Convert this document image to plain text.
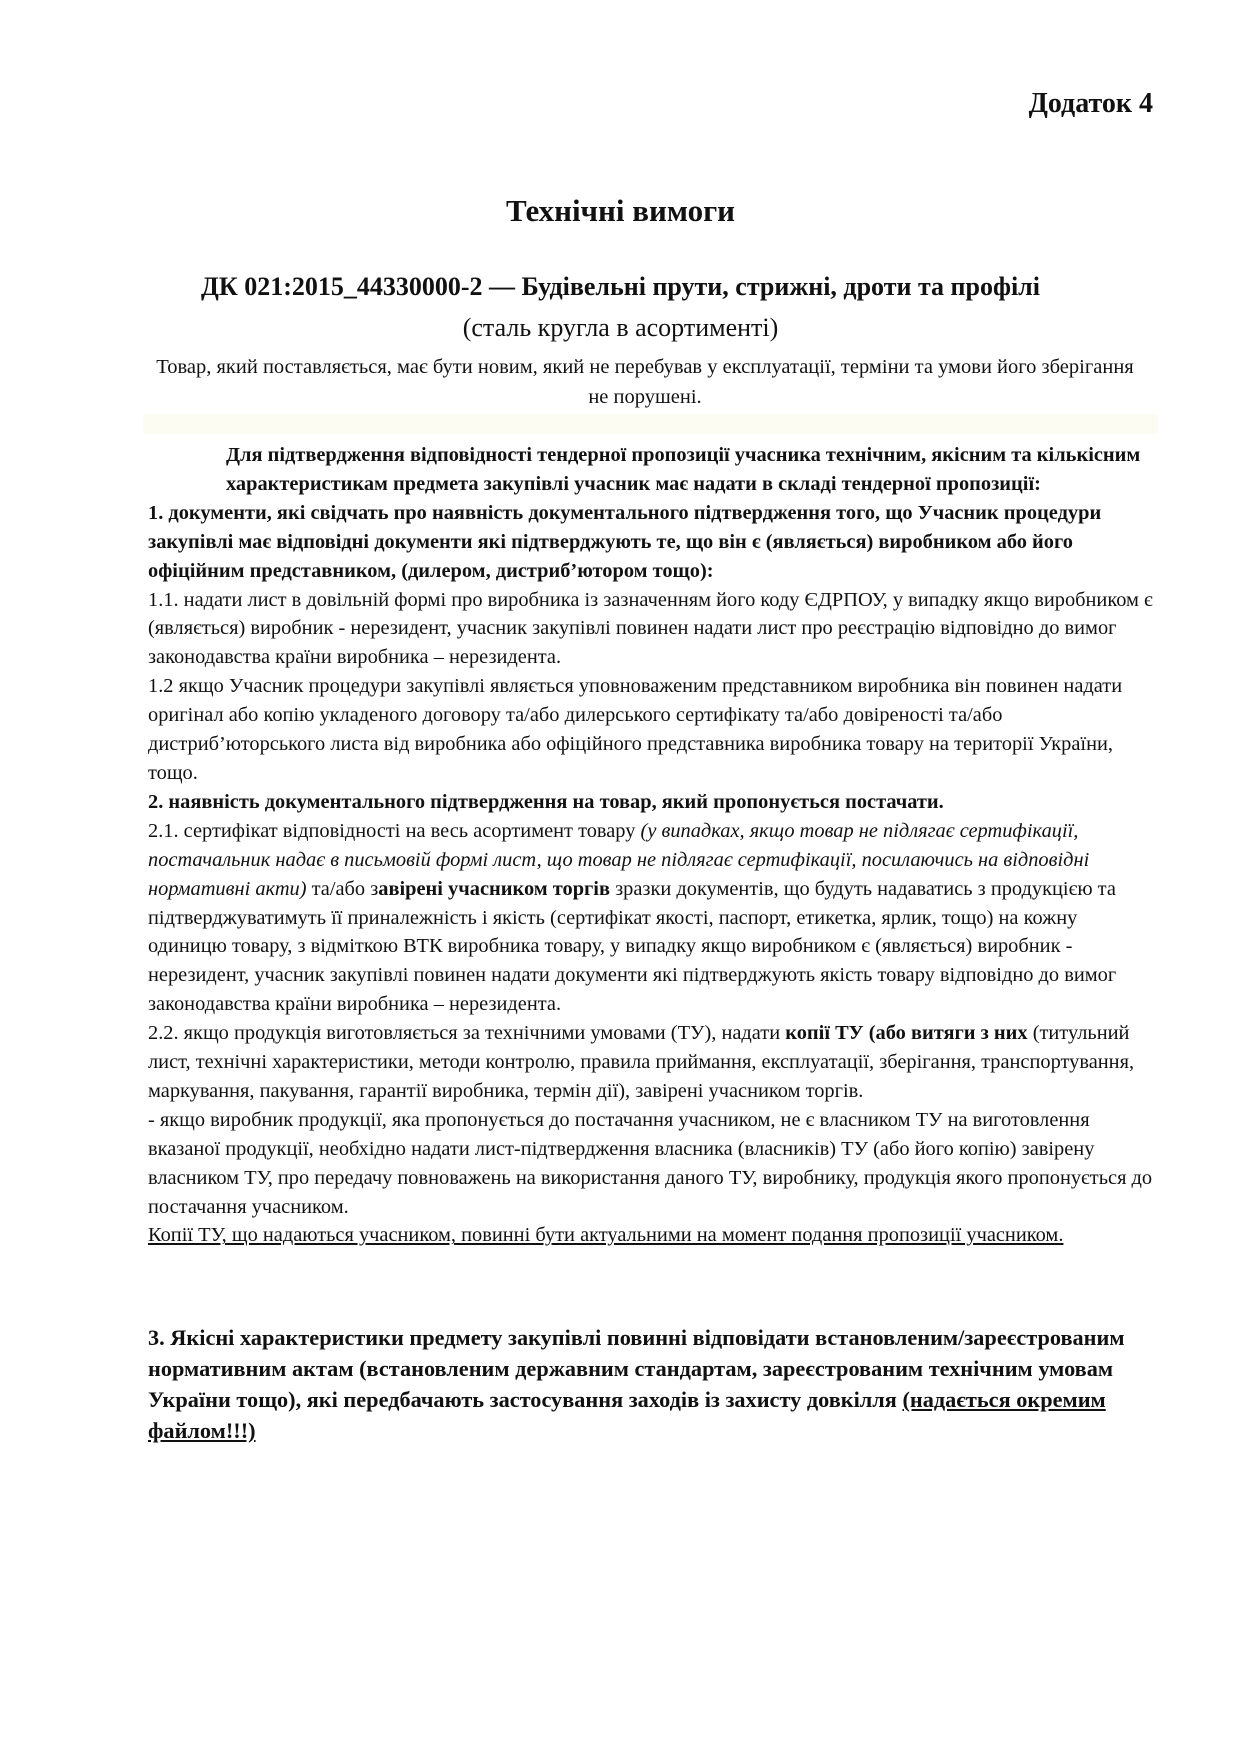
Додаток 4
Технічні вимоги
ДК 021:2015_44330000-2 — Будівельні прути, стрижні, дроти та профілі
(сталь кругла в асортименті)
Товар, який поставляється, має бути новим, який не перебував у експлуатації, терміни та умови його зберігання не порушені.

Для підтвердження відповідності тендерної пропозиції учасника технічним, якісним та кількісним характеристикам предмета закупівлі учасник має надати в складі тендерної пропозиції:

1. документи, які свідчать про наявність документального підтвердження того, що Учасник процедури закупівлі має відповідні документи які підтверджують те, що він є (являється) виробником або його офіційним представником, (дилером, дистриб’ютором тощо):

1.1. надати лист в довільній формі про виробника із зазначенням його коду ЄДРПОУ, у випадку якщо виробником є (являється) виробник - нерезидент, учасник закупівлі повинен надати лист про реєстрацію відповідно до вимог законодавства країни виробника – нерезидента.

1.2 якщо Учасник процедури закупівлі являється уповноваженим представником виробника він повинен надати оригінал або копію укладеного договору та/або дилерського сертифікату та/або довіреності та/або дистриб’юторського листа від виробника або офіційного представника виробника товару на території України, тощо.

2. наявність документального підтвердження на товар, який пропонується постачати.

2.1. сертифікат відповідності на весь асортимент товару (у випадках, якщо товар не підлягає сертифікації, постачальник надає в письмовій формі лист, що товар не підлягає сертифікації, посилаючись на відповідні нормативні акти) та/або завірені учасником торгів зразки документів, що будуть надаватись з продукцією та підтверджуватимуть її приналежність і якість (сертифікат якості, паспорт, етикетка, ярлик, тощо) на кожну одиницю товару, з відміткою ВТК виробника товару, у випадку якщо виробником є (являється) виробник - нерезидент, учасник закупівлі повинен надати документи які підтверджують якість товару відповідно до вимог законодавства країни виробника – нерезидента.

2.2. якщо продукція виготовляється за технічними умовами (ТУ), надати копії ТУ (або витяги з них (титульний лист, технічні характеристики, методи контролю, правила приймання, експлуатації, зберігання, транспортування, маркування, пакування, гарантії виробника, термін дії), завірені учасником торгів.

- якщо виробник продукції, яка пропонується до постачання учасником, не є власником ТУ на виготовлення вказаної продукції, необхідно надати лист-підтвердження власника (власників) ТУ (або його копію) завірену власником ТУ, про передачу повноважень на використання даного ТУ, виробнику, продукція якого пропонується до постачання учасником.

Копії ТУ, що надаються учасником, повинні бути актуальними на момент подання пропозиції учасником.

3. Якісні характеристики предмету закупівлі повинні відповідати встановленим/зареєстрованим нормативним актам (встановленим державним стандартам, зареєстрованим технічним умовам України тощо), які передбачають застосування заходів із захисту довкілля (надається окремим файлом!!!)
